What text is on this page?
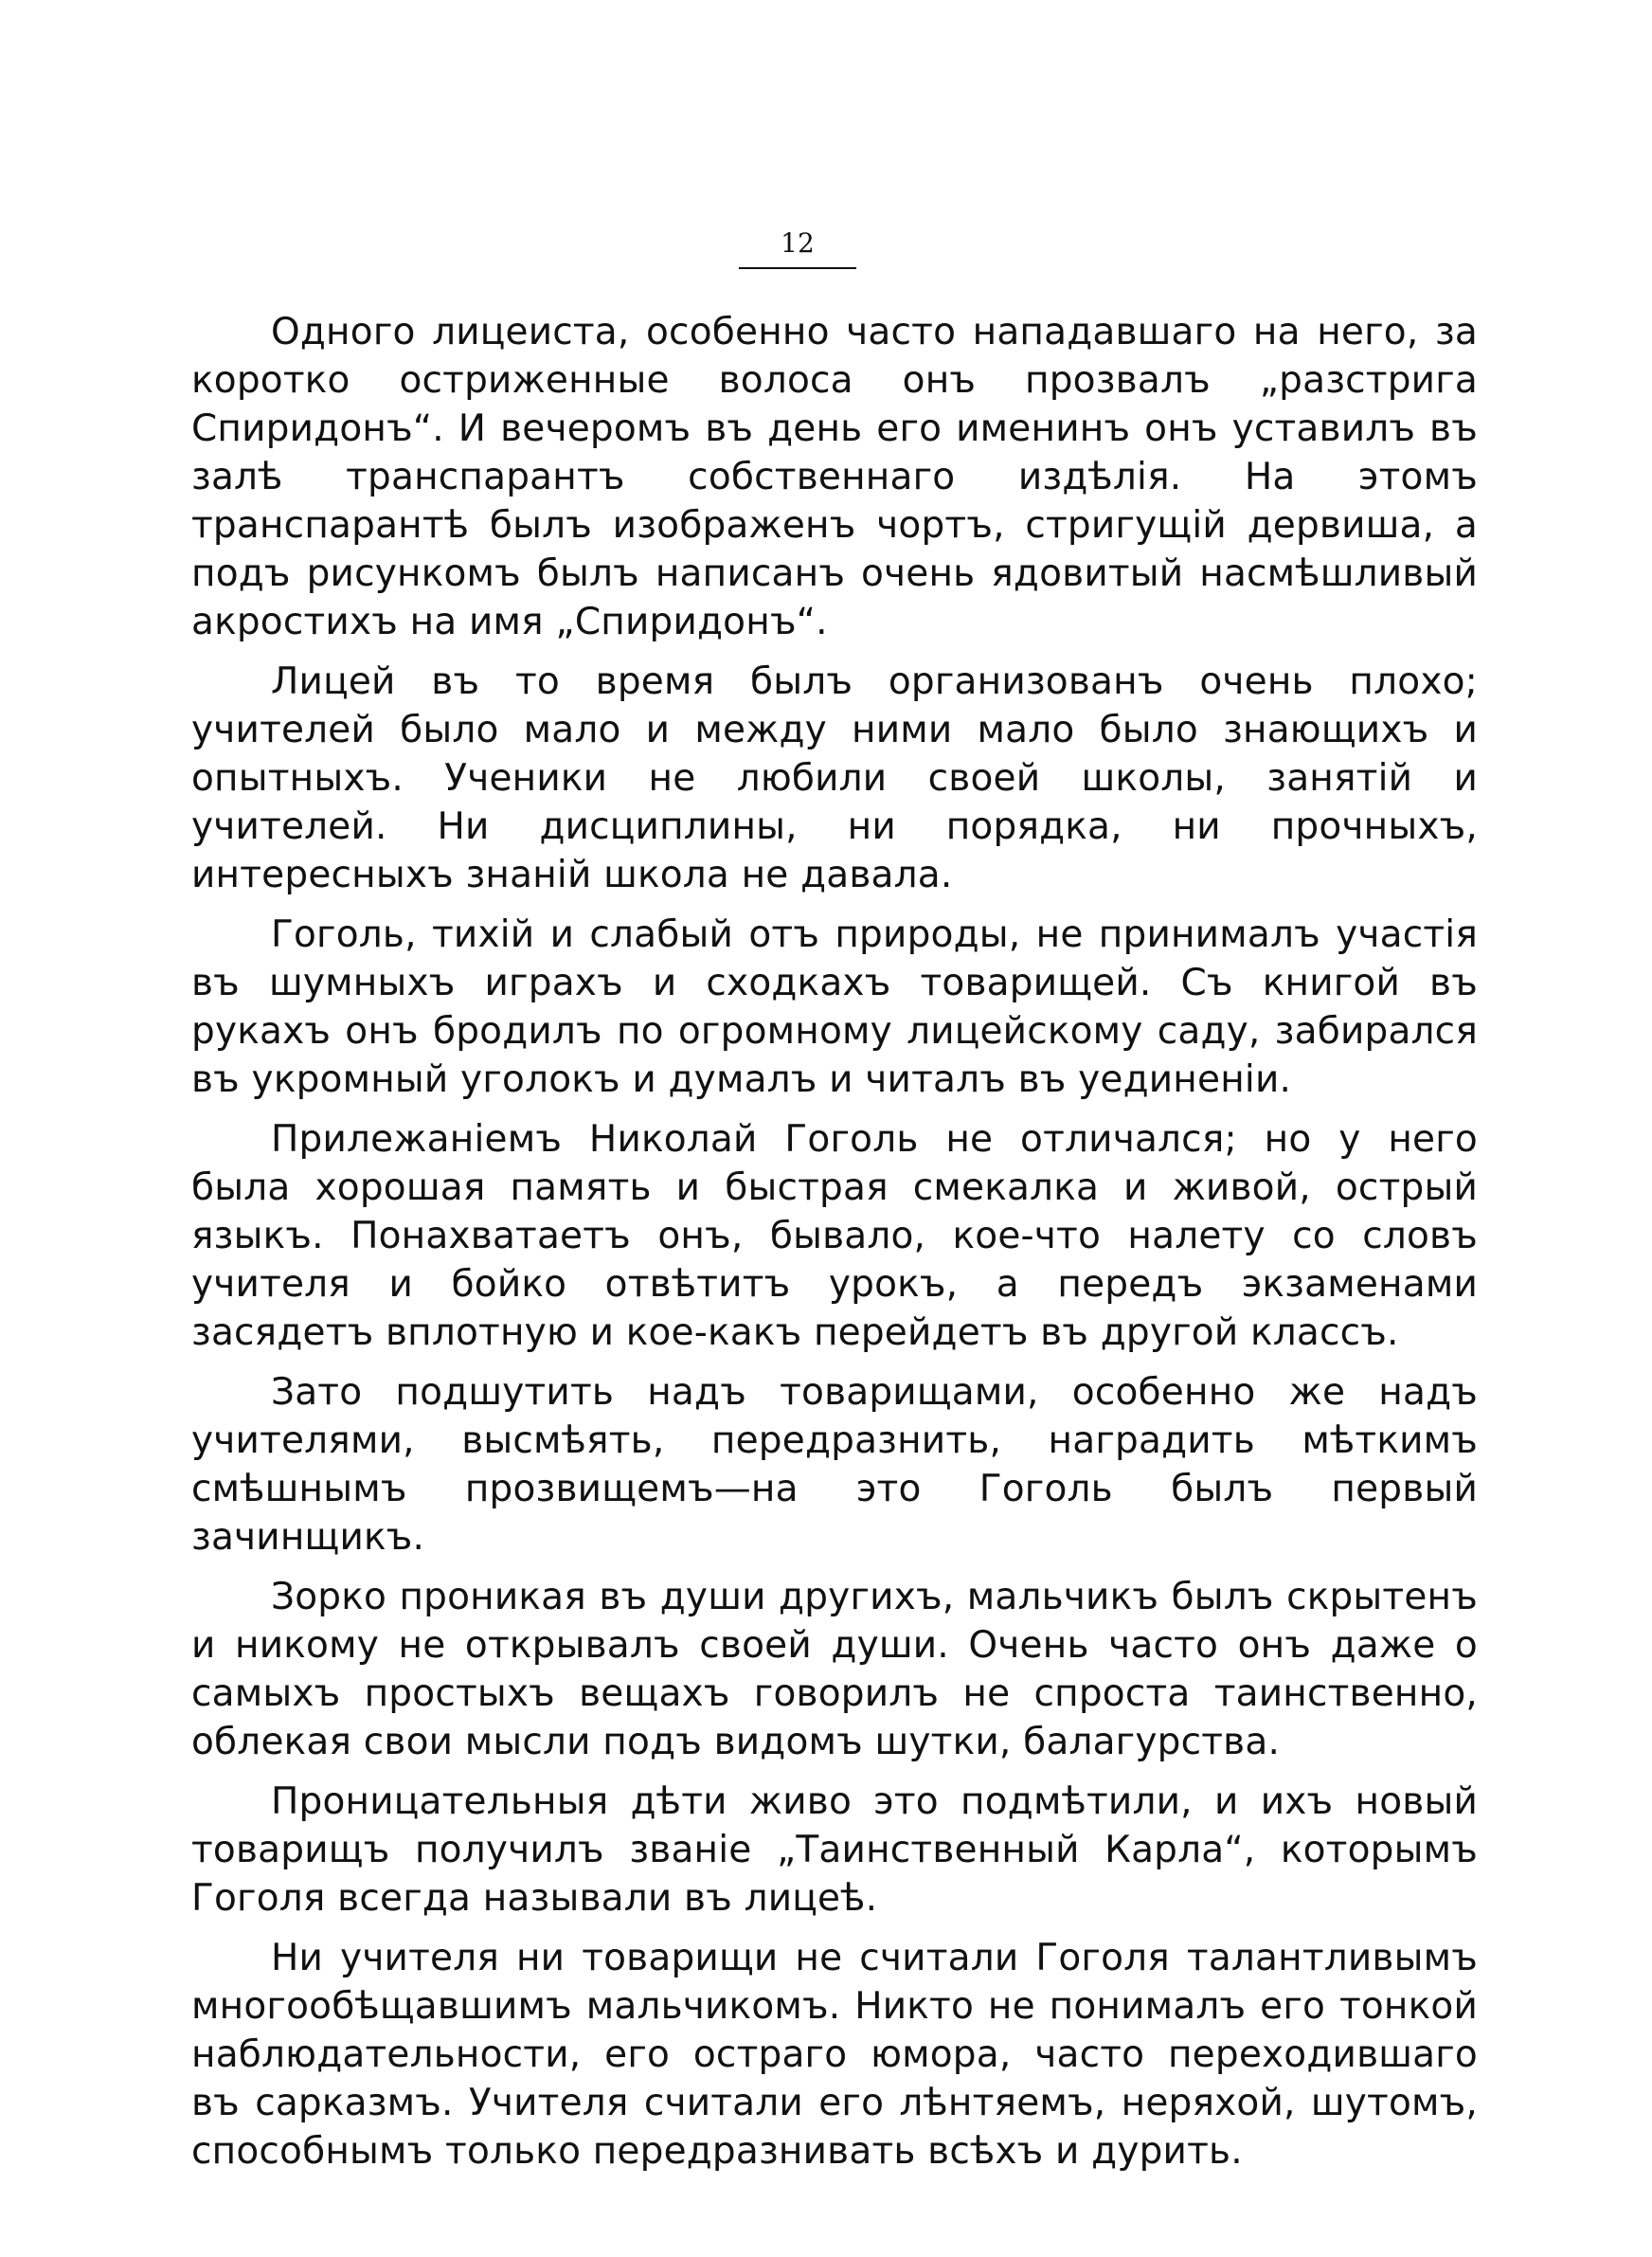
12

Одного лицеиста, особенно часто нападавшаго на него, за коротко остриженные волоса онъ прозвалъ „разстрига Спиридонъ“. И вечеромъ въ день его именинъ онъ уставилъ въ залѣ транспарантъ собственнаго издѣлія. На этомъ транспарантѣ былъ изображенъ чортъ, стригущій дервиша, а подъ рисункомъ былъ написанъ очень ядовитый насмѣшливый акростихъ на имя „Спиридонъ“.

Лицей въ то время былъ организованъ очень плохо; учителей было мало и между ними мало было знающихъ и опытныхъ. Ученики не любили своей школы, занятій и учителей. Ни дисциплины, ни порядка, ни прочныхъ, интересныхъ знаній школа не давала.

Гоголь, тихій и слабый отъ природы, не принималъ участія въ шумныхъ играхъ и сходкахъ товарищей. Съ книгой въ рукахъ онъ бродилъ по огромному лицейскому саду, забирался въ укромный уголокъ и думалъ и читалъ въ уединеніи.

Прилежаніемъ Николай Гоголь не отличался; но у него была хорошая память и быстрая смекалка и живой, острый языкъ. Понахватаетъ онъ, бывало, кое-что налету со словъ учителя и бойко отвѣтитъ урокъ, а передъ экзаменами засядетъ вплотную и кое-какъ перейдетъ въ другой классъ.

Зато подшутить надъ товарищами, особенно же надъ учителями, высмѣять, передразнить, наградить мѣткимъ смѣшнымъ прозвищемъ—на это Гоголь былъ первый зачинщикъ.

Зорко проникая въ души другихъ, мальчикъ былъ скрытенъ и никому не открывалъ своей души. Очень часто онъ даже о самыхъ простыхъ вещахъ говорилъ не спроста таинственно, облекая свои мысли подъ видомъ шутки, балагурства.

Проницательныя дѣти живо это подмѣтили, и ихъ новый товарищъ получилъ званіе „Таинственный Карла“, которымъ Гоголя всегда называли въ лицеѣ.

Ни учителя ни товарищи не считали Гоголя талантливымъ многообѣщавшимъ мальчикомъ. Никто не понималъ его тонкой наблюдательности, его остраго юмора, часто переходившаго въ сарказмъ. Учителя считали его лѣнтяемъ, неряхой, шутомъ, способнымъ только передразнивать всѣхъ и дурить.
